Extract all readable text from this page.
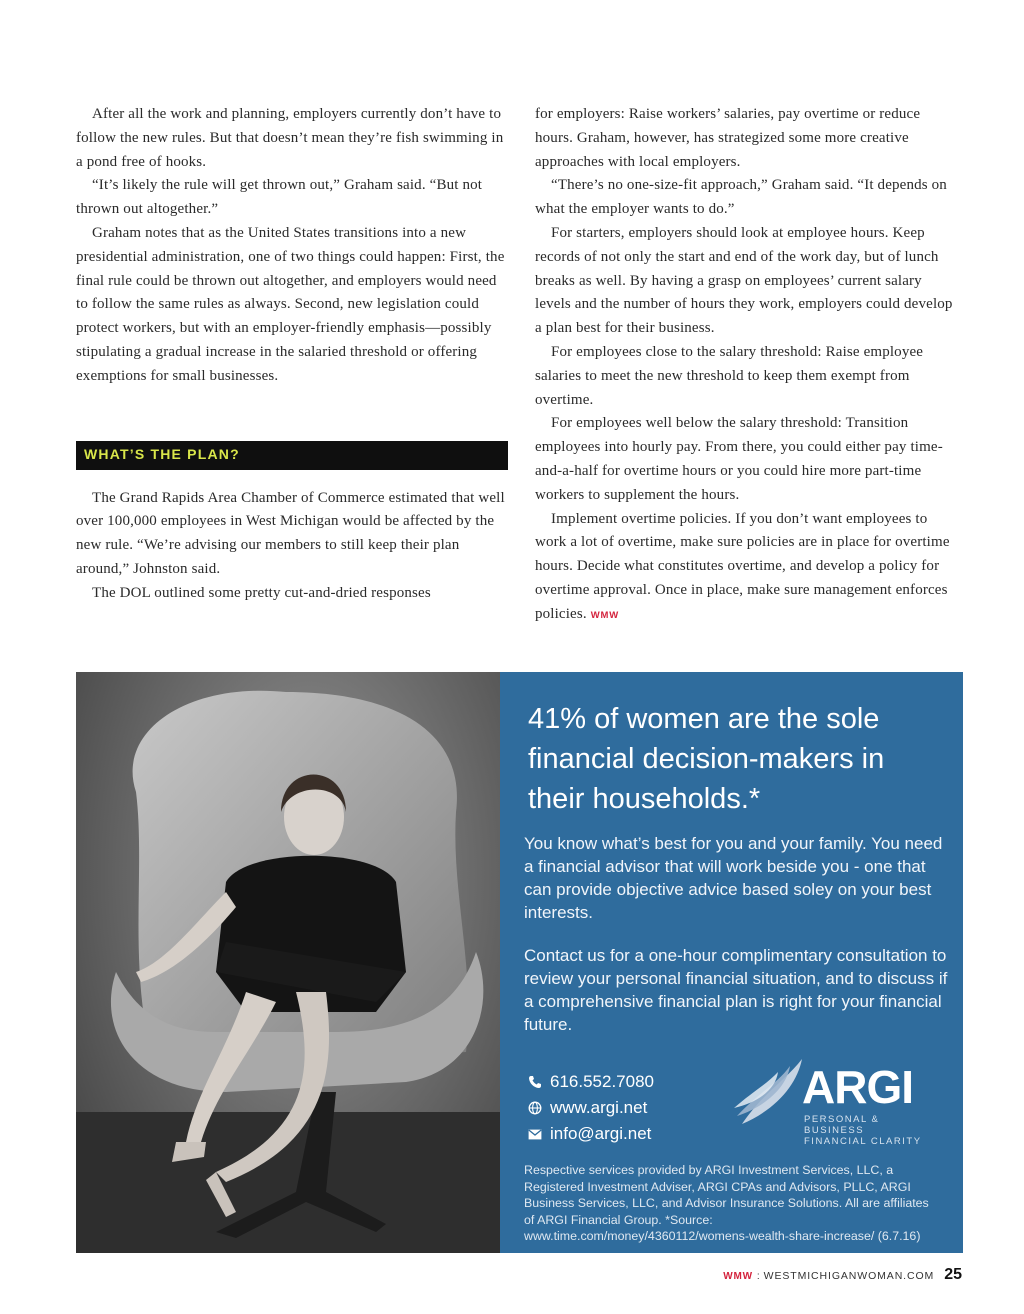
After all the work and planning, employers currently don’t have to follow the new rules. But that doesn’t mean they’re fish swimming in a pond free of hooks.

“It’s likely the rule will get thrown out,” Graham said. “But not thrown out altogether.”

Graham notes that as the United States transitions into a new presidential administration, one of two things could happen: First, the final rule could be thrown out altogether, and employers would need to follow the same rules as always. Second, new legislation could protect workers, but with an employer-friendly emphasis—possibly stipulating a gradual increase in the salaried threshold or offering exemptions for small businesses.

WHAT’S THE PLAN?

The Grand Rapids Area Chamber of Commerce estimated that well over 100,000 employees in West Michigan would be affected by the new rule. “We’re advising our members to still keep their plan around,” Johnston said.

The DOL outlined some pretty cut-and-dried responses

for employers: Raise workers’ salaries, pay overtime or reduce hours. Graham, however, has strategized some more creative approaches with local employers.

“There’s no one-size-fit approach,” Graham said. “It depends on what the employer wants to do.”

For starters, employers should look at employee hours. Keep records of not only the start and end of the work day, but of lunch breaks as well. By having a grasp on employees’ current salary levels and the number of hours they work, employers could develop a plan best for their business.

For employees close to the salary threshold: Raise employee salaries to meet the new threshold to keep them exempt from overtime.

For employees well below the salary threshold: Transition employees into hourly pay. From there, you could either pay time-and-a-half for overtime hours or you could hire more part-time workers to supplement the hours.

Implement overtime policies. If you don’t want employees to work a lot of overtime, make sure policies are in place for overtime hours. Decide what constitutes overtime, and develop a policy for overtime approval. Once in place, make sure management enforces policies. WMW

41% of women are the sole financial decision-makers in their households.*
You know what’s best for you and your family. You need a financial advisor that will work beside you - one that can provide objective advice based soley on your best interests.
Contact us for a one-hour complimentary consultation to review your personal financial situation, and to discuss if a comprehensive financial plan is right for your financial future.
616.552.7080
www.argi.net
info@argi.net
ARGI
PERSONAL & BUSINESS
FINANCIAL CLARITY
Respective services provided by ARGI Investment Services, LLC, a Registered Investment Adviser, ARGI CPAs and Advisors, PLLC, ARGI Business Services, LLC, and Advisor Insurance Solutions. All are affiliates of ARGI Financial Group. *Source: www.time.com/money/4360112/womens-wealth-share-increase/ (6.7.16)
WMW : WESTMICHIGANWOMAN.COM 25
